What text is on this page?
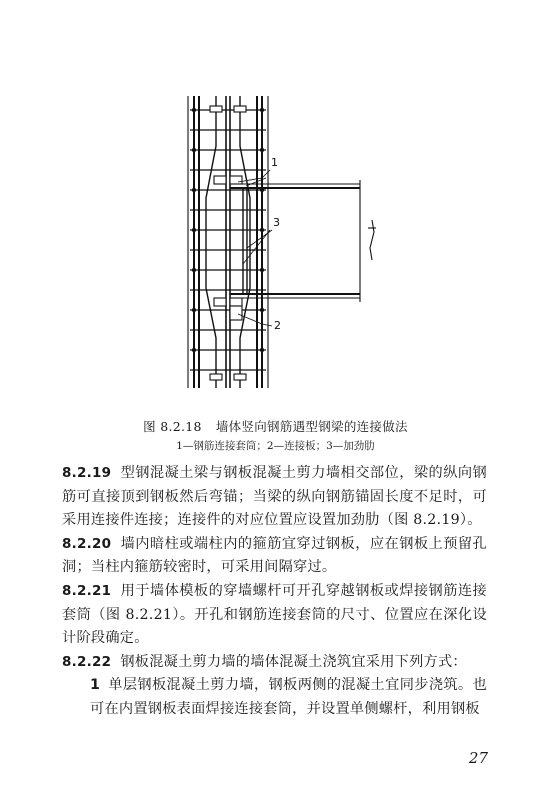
1
3
2
图 8.2.18 墙体竖向钢筋遇型钢梁的连接做法
1—钢筋连接套筒；2—连接板；3—加劲肋

8.2.19 型钢混凝土梁与钢板混凝土剪力墙相交部位，梁的纵向钢筋可直接顶到钢板然后弯锚；当梁的纵向钢筋锚固长度不足时，可采用连接件连接；连接件的对应位置应设置加劲肋（图 8.2.19）。

8.2.20 墙内暗柱或端柱内的箍筋宜穿过钢板，应在钢板上预留孔洞；当柱内箍筋较密时，可采用间隔穿过。

8.2.21 用于墙体模板的穿墙螺杆可开孔穿越钢板或焊接钢筋连接套筒（图 8.2.21）。开孔和钢筋连接套筒的尺寸、位置应在深化设计阶段确定。

8.2.22 钢板混凝土剪力墙的墙体混凝土浇筑宜采用下列方式：

1 单层钢板混凝土剪力墙，钢板两侧的混凝土宜同步浇筑。也可在内置钢板表面焊接连接套筒，并设置单侧螺杆，利用钢板

27
